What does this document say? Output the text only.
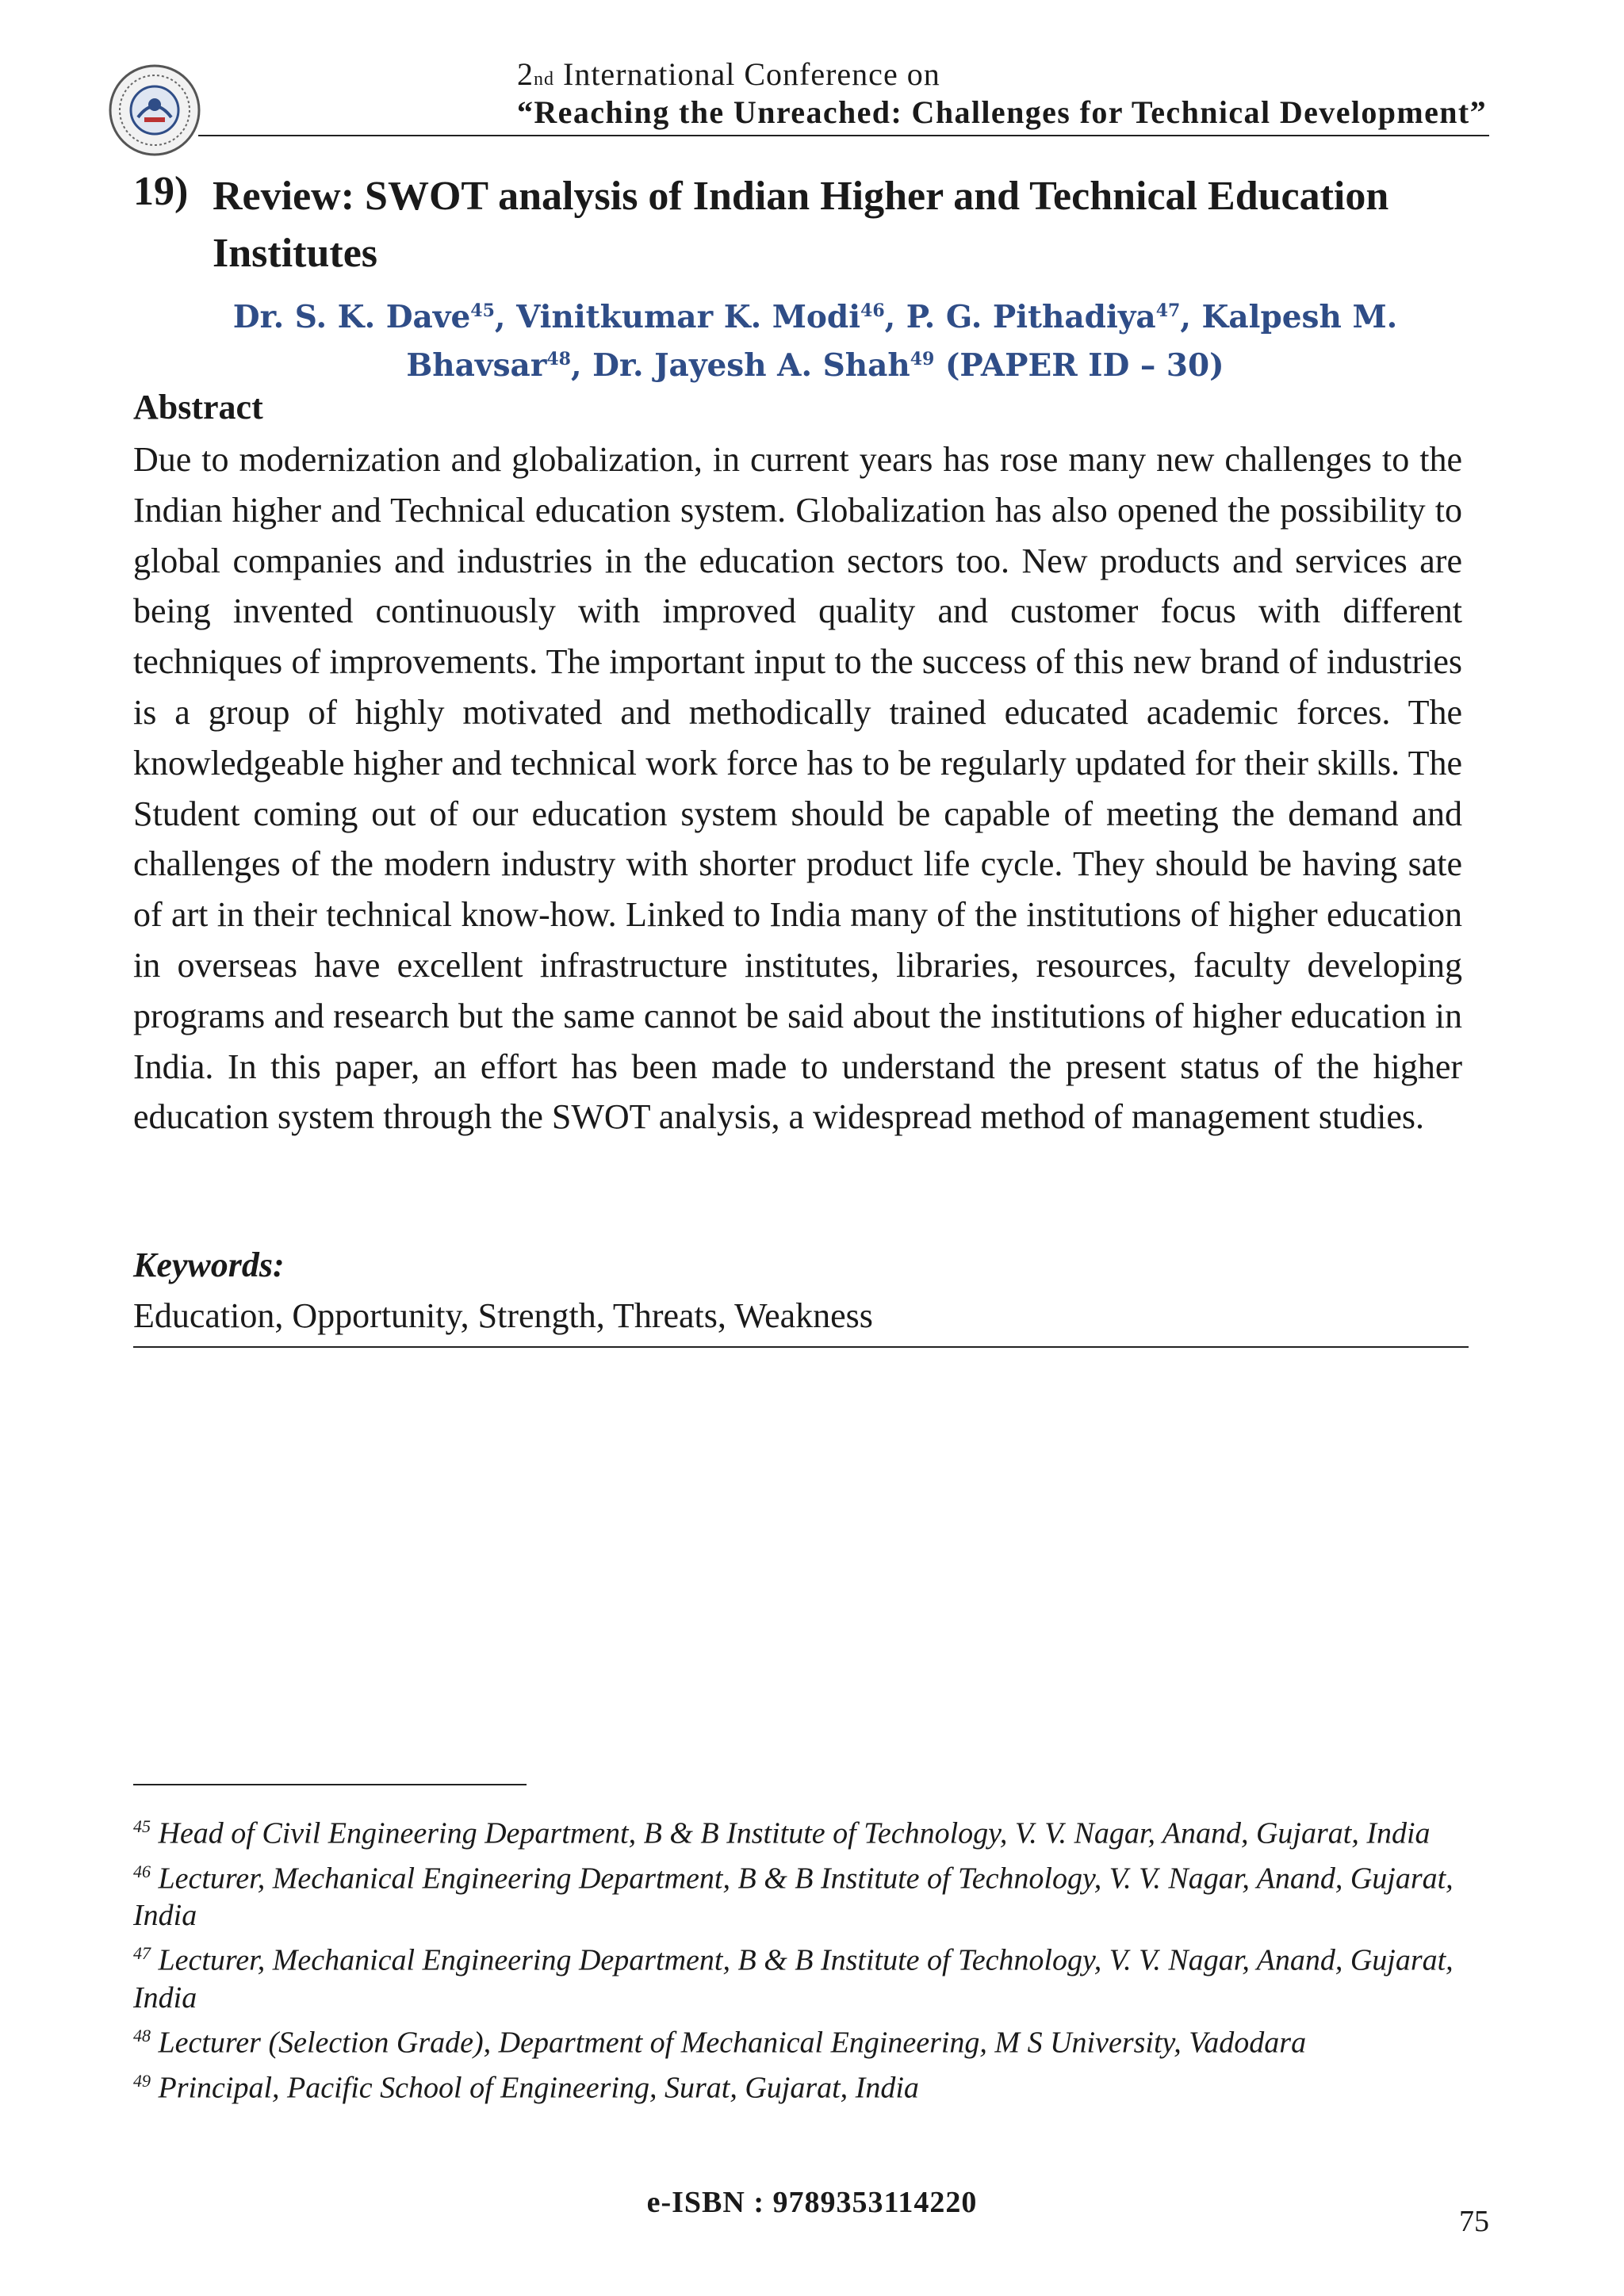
2nd International Conference on
“Reaching the Unreached: Challenges for Technical Development”
19) Review: SWOT analysis of Indian Higher and Technical Education Institutes
Dr. S. K. Dave$^{45}$, Vinitkumar K. Modi$^{46}$, P. G. Pithadiya$^{47}$, Kalpesh M.
Bhavsar$^{48}$, Dr. Jayesh A. Shah$^{49}$ (PAPER ID – 30)
Abstract

Due to modernization and globalization, in current years has rose many new challenges to the Indian higher and Technical education system. Globalization has also opened the possibility to global companies and industries in the education sectors too. New products and services are being invented continuously with improved quality and customer focus with different techniques of improvements. The important input to the success of this new brand of industries is a group of highly motivated and methodically trained educated academic forces. The knowledgeable higher and technical work force has to be regularly updated for their skills. The Student coming out of our education system should be capable of meeting the demand and challenges of the modern industry with shorter product life cycle. They should be having sate of art in their technical know-how. Linked to India many of the institutions of higher education in overseas have excellent infrastructure institutes, libraries, resources, faculty developing programs and research but the same cannot be said about the institutions of higher education in India. In this paper, an effort has been made to understand the present status of the higher education system through the SWOT analysis, a widespread method of management studies.

Keywords:
Education, Opportunity, Strength, Threats, Weakness
$^{45}$ Head of Civil Engineering Department, B & B Institute of Technology, V. V. Nagar, Anand, Gujarat, India
$^{46}$ Lecturer, Mechanical Engineering Department, B & B Institute of Technology, V. V. Nagar, Anand, Gujarat, India
$^{47}$ Lecturer, Mechanical Engineering Department, B & B Institute of Technology, V. V. Nagar, Anand, Gujarat, India
$^{48}$ Lecturer (Selection Grade), Department of Mechanical Engineering, M S University, Vadodara
$^{49}$ Principal, Pacific School of Engineering, Surat, Gujarat, India
e-ISBN : 9789353114220
75
